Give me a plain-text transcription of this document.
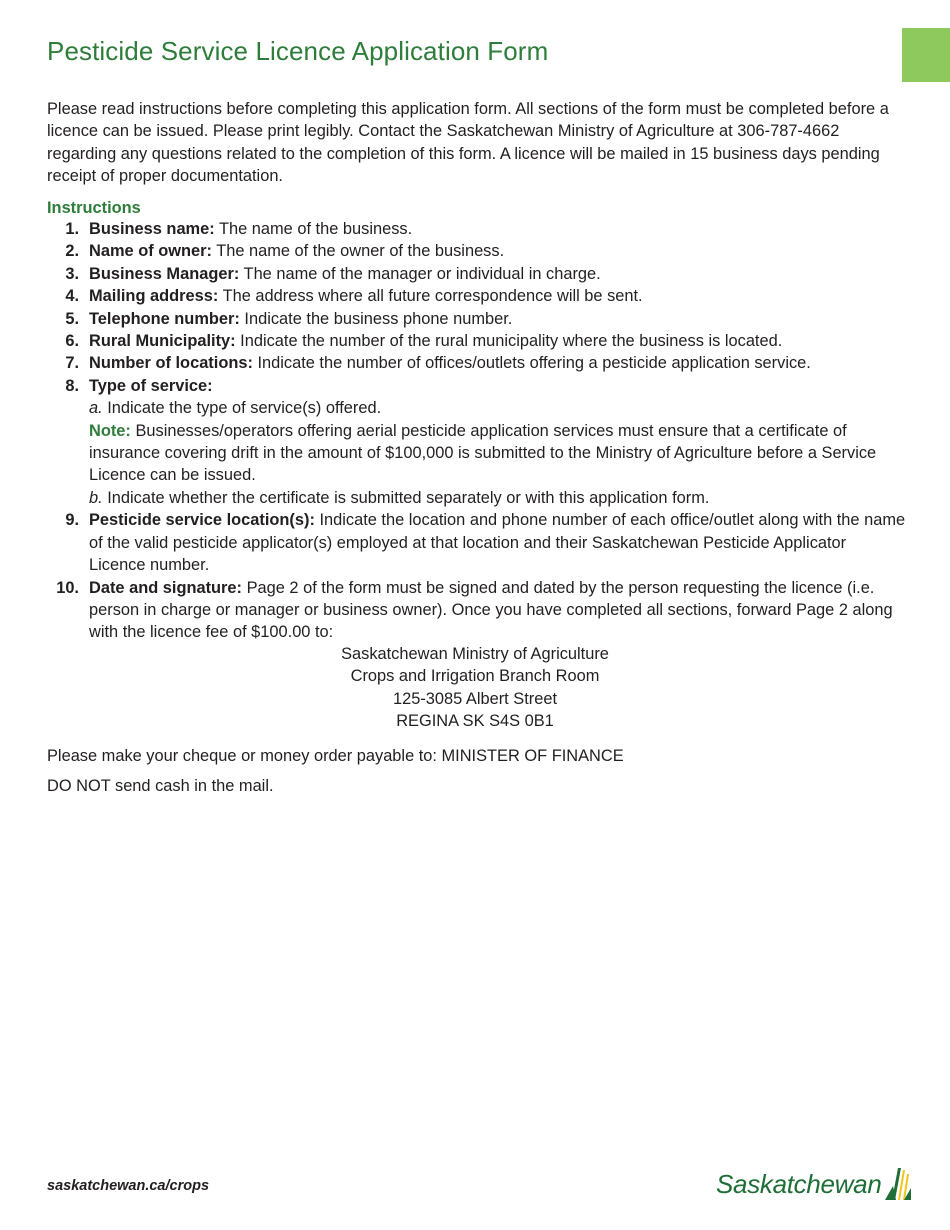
Pesticide Service Licence Application Form

Please read instructions before completing this application form. All sections of the form must be completed before a licence can be issued. Please print legibly. Contact the Saskatchewan Ministry of Agriculture at 306-787-4662 regarding any questions related to the completion of this form. A licence will be mailed in 15 business days pending receipt of proper documentation.

Instructions
1. Business name: The name of the business.
2. Name of owner: The name of the owner of the business.
3. Business Manager: The name of the manager or individual in charge.
4. Mailing address: The address where all future correspondence will be sent.
5. Telephone number: Indicate the business phone number.
6. Rural Municipality: Indicate the number of the rural municipality where the business is located.
7. Number of locations: Indicate the number of offices/outlets offering a pesticide application service.
8. Type of service:
a. Indicate the type of service(s) offered.
Note: Businesses/operators offering aerial pesticide application services must ensure that a certificate of insurance covering drift in the amount of $100,000 is submitted to the Ministry of Agriculture before a Service Licence can be issued.
b. Indicate whether the certificate is submitted separately or with this application form.
9. Pesticide service location(s): Indicate the location and phone number of each office/outlet along with the name of the valid pesticide applicator(s) employed at that location and their Saskatchewan Pesticide Applicator Licence number.
10. Date and signature: Page 2 of the form must be signed and dated by the person requesting the licence (i.e. person in charge or manager or business owner). Once you have completed all sections, forward Page 2 along with the licence fee of $100.00 to:
Saskatchewan Ministry of Agriculture
Crops and Irrigation Branch Room
125-3085 Albert Street
REGINA SK S4S 0B1

Please make your cheque or money order payable to: MINISTER OF FINANCE

DO NOT send cash in the mail.

saskatchewan.ca/crops	Saskatchewan
